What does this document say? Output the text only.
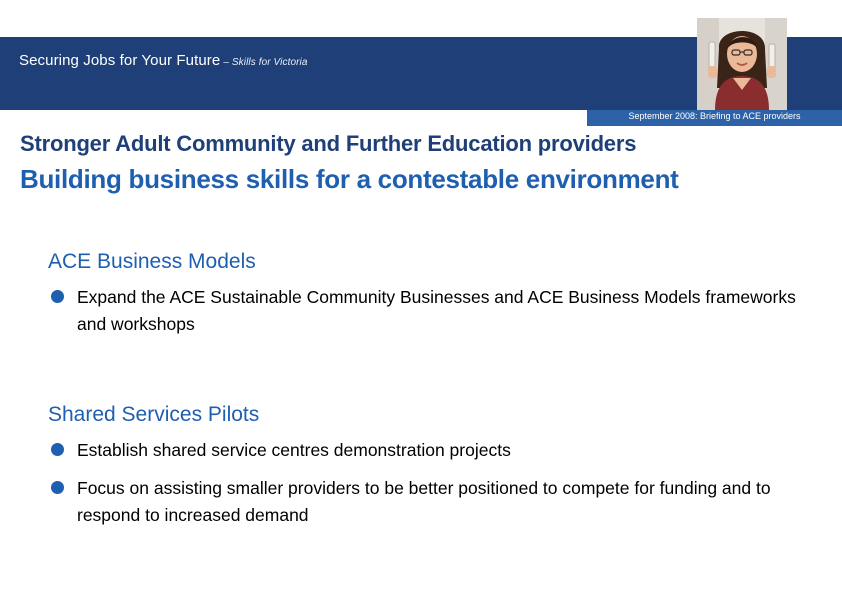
Securing Jobs for Your Future – Skills for Victoria
September 2008: Briefing to ACE providers
Stronger Adult Community and Further Education providers
Building business skills for a contestable environment
ACE Business Models
Expand the ACE Sustainable Community Businesses and ACE Business Models frameworks and workshops
Shared Services Pilots
Establish shared service centres demonstration projects
Focus on assisting smaller providers to be better positioned to compete for funding and to respond to increased demand
